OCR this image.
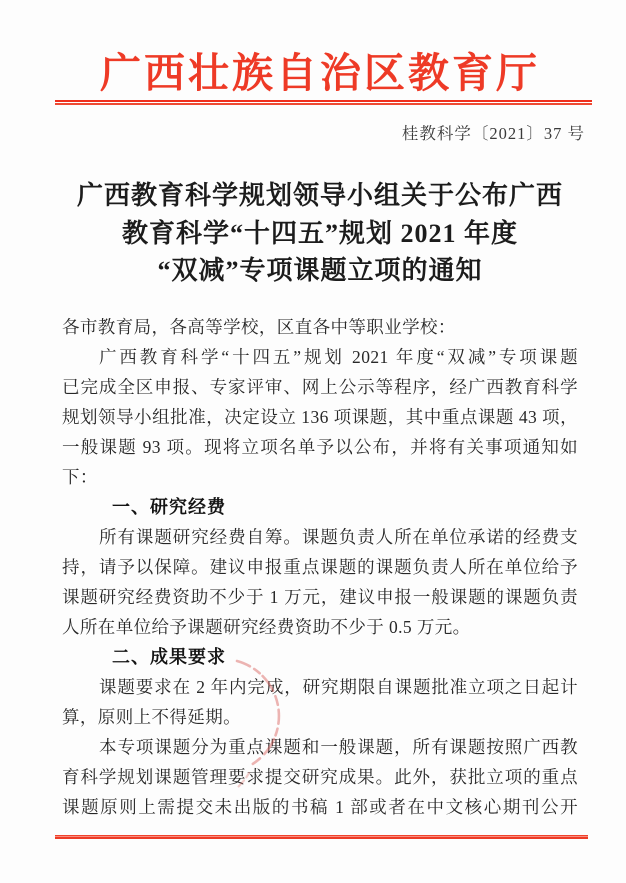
广西壮族自治区教育厅
桂教科学〔2021〕37 号
广西教育科学规划领导小组关于公布广西
教育科学“十四五”规划 2021 年度
“双减”专项课题立项的通知
各市教育局，各高等学校，区直各中等职业学校：
广西教育科学“十四五”规划 2021 年度“双减”专项课题
已完成全区申报、专家评审、网上公示等程序，经广西教育科学
规划领导小组批准，决定设立 136 项课题，其中重点课题 43 项，
一般课题 93 项。现将立项名单予以公布，并将有关事项通知如
下：
一、研究经费
所有课题研究经费自筹。课题负责人所在单位承诺的经费支
持，请予以保障。建议申报重点课题的课题负责人所在单位给予
课题研究经费资助不少于 1 万元，建议申报一般课题的课题负责
人所在单位给予课题研究经费资助不少于 0.5 万元。
二、成果要求
课题要求在 2 年内完成，研究期限自课题批准立项之日起计
算，原则上不得延期。
本专项课题分为重点课题和一般课题，所有课题按照广西教
育科学规划课题管理要求提交研究成果。此外，获批立项的重点
课题原则上需提交未出版的书稿 1 部或者在中文核心期刊公开
